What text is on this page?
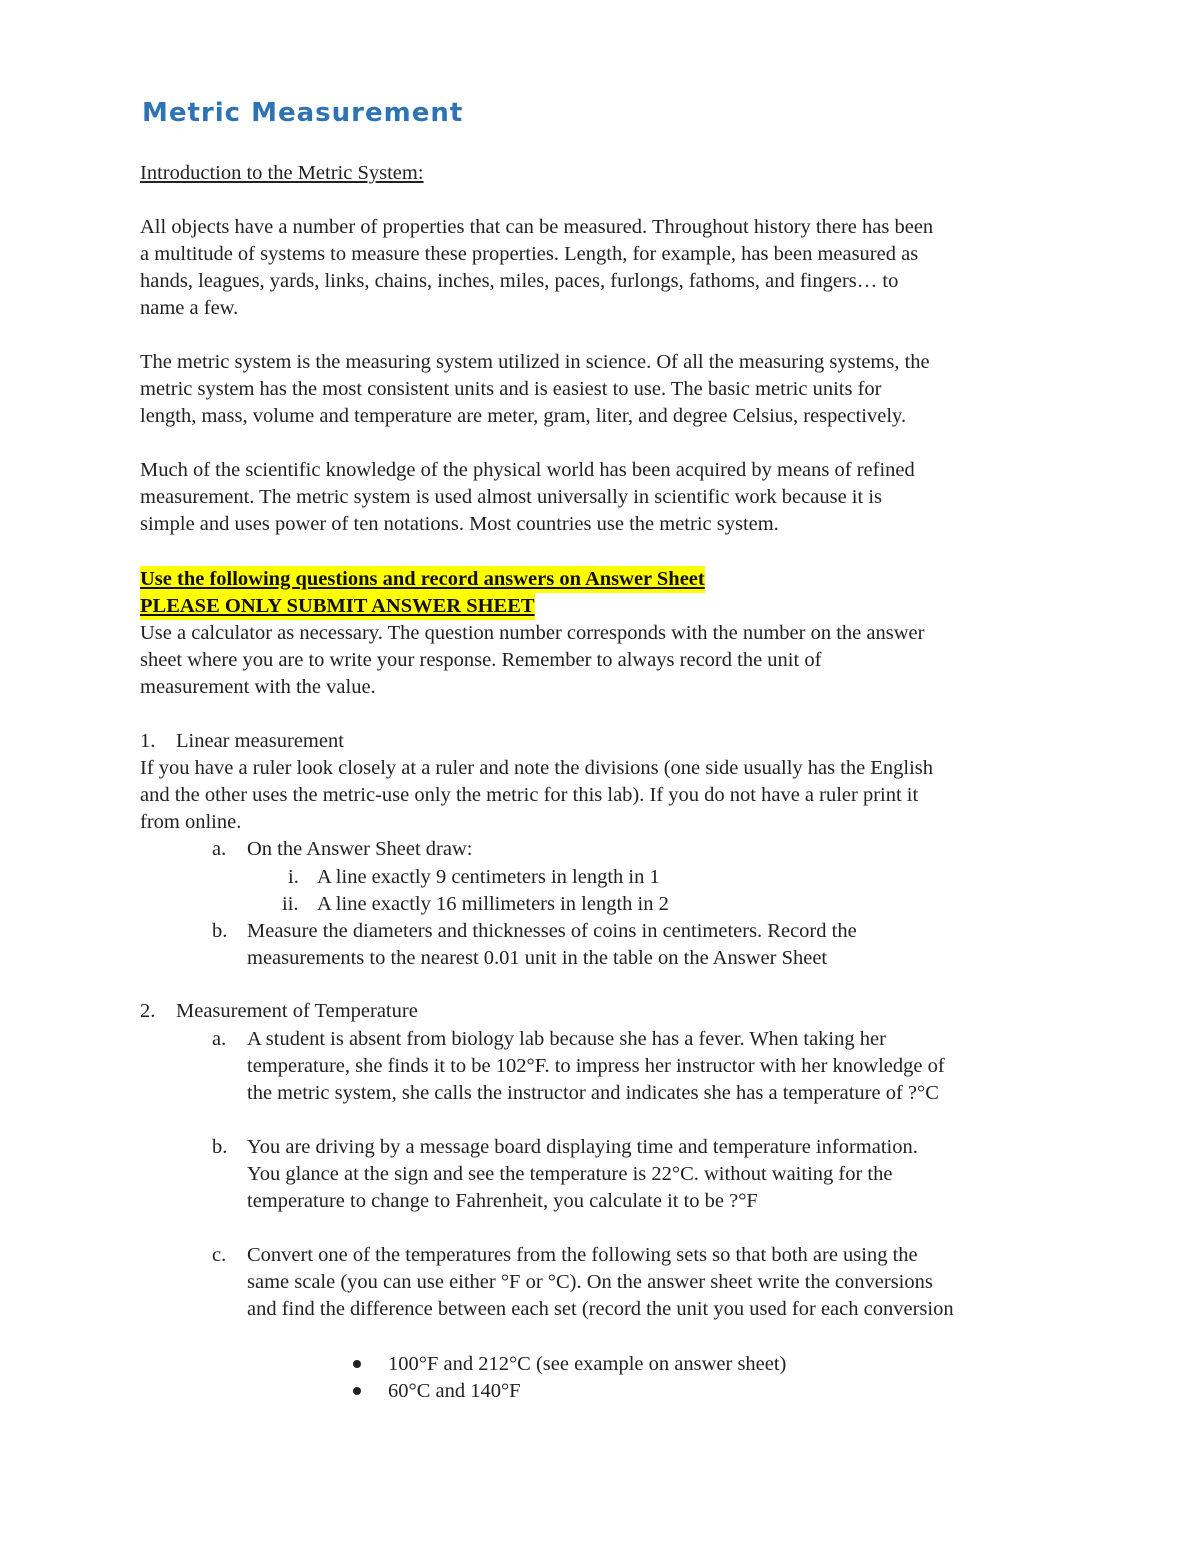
Metric Measurement
Introduction to the Metric System:
All objects have a number of properties that can be measured. Throughout history there has been
a multitude of systems to measure these properties. Length, for example, has been measured as
hands, leagues, yards, links, chains, inches, miles, paces, furlongs, fathoms, and fingers… to
name a few.
The metric system is the measuring system utilized in science. Of all the measuring systems, the
metric system has the most consistent units and is easiest to use. The basic metric units for
length, mass, volume and temperature are meter, gram, liter, and degree Celsius, respectively.
Much of the scientific knowledge of the physical world has been acquired by means of refined
measurement. The metric system is used almost universally in scientific work because it is
simple and uses power of ten notations. Most countries use the metric system.
Use the following questions and record answers on Answer Sheet
PLEASE ONLY SUBMIT ANSWER SHEET
Use a calculator as necessary. The question number corresponds with the number on the answer
sheet where you are to write your response. Remember to always record the unit of
measurement with the value.
1. Linear measurement
If you have a ruler look closely at a ruler and note the divisions (one side usually has the English
and the other uses the metric-use only the metric for this lab). If you do not have a ruler print it
from online.
a. On the Answer Sheet draw:
i. A line exactly 9 centimeters in length in 1
ii. A line exactly 16 millimeters in length in 2
b. Measure the diameters and thicknesses of coins in centimeters. Record the
measurements to the nearest 0.01 unit in the table on the Answer Sheet
2. Measurement of Temperature
a. A student is absent from biology lab because she has a fever. When taking her
temperature, she finds it to be 102°F. to impress her instructor with her knowledge of
the metric system, she calls the instructor and indicates she has a temperature of ?°C
b. You are driving by a message board displaying time and temperature information.
You glance at the sign and see the temperature is 22°C. without waiting for the
temperature to change to Fahrenheit, you calculate it to be ?°F
c. Convert one of the temperatures from the following sets so that both are using the
same scale (you can use either °F or °C). On the answer sheet write the conversions
and find the difference between each set (record the unit you used for each conversion
100°F and 212°C (see example on answer sheet)
60°C and 140°F
